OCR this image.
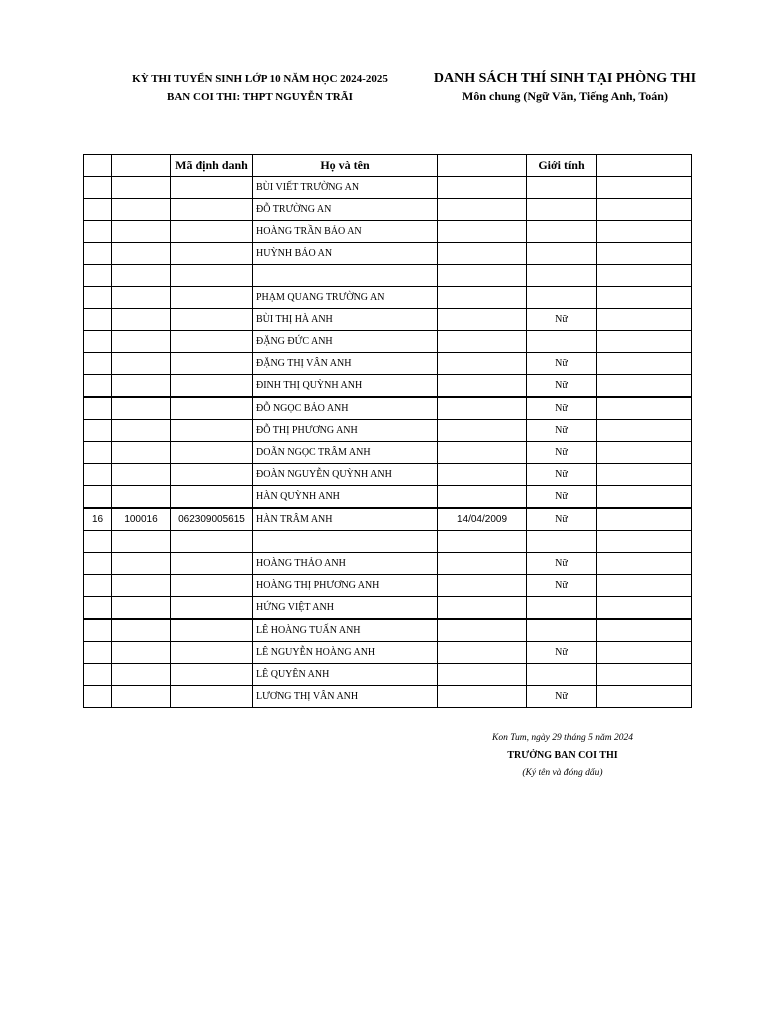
KỲ THI TUYỂN SINH LỚP 10 NĂM HỌC 2024-2025
BAN COI THI: THPT NGUYỄN TRÃI
DANH SÁCH THÍ SINH TẠI PHÒNG THI
Môn chung (Ngữ Văn, Tiếng Anh, Toán)
		Mã định danh	Họ và tên		Giới tính	
			BÙI VIẾT TRƯỜNG AN			
			ĐỖ TRƯỜNG AN			
			HOÀNG TRẦN BẢO AN			
			HUỲNH BẢO AN			

			PHẠM QUANG TRƯỜNG AN			
			BÙI THỊ HÀ ANH		Nữ	
			ĐẶNG ĐỨC ANH			
			ĐẶNG THỊ VÂN ANH		Nữ	
			ĐINH THỊ QUỲNH ANH		Nữ	
			ĐỖ NGỌC BẢO ANH		Nữ	
			ĐỖ THỊ PHƯƠNG ANH		Nữ	
			DOÃN NGỌC TRÂM ANH		Nữ	
			ĐOÀN NGUYỄN QUỲNH ANH		Nữ	
			HÀN QUỲNH ANH		Nữ	
16	100016	062309005615	HÀN TRÂM ANH	14/04/2009	Nữ	

			HOÀNG THẢO ANH		Nữ	
			HOÀNG THỊ PHƯƠNG ANH		Nữ	
			HỨNG VIỆT ANH			
			LÊ HOÀNG TUẤN ANH			
			LÊ NGUYỄN HOÀNG ANH		Nữ	
			LÊ QUYÊN ANH			
			LƯƠNG THỊ VÂN ANH		Nữ	
Kon Tum, ngày 29 tháng 5 năm 2024
TRƯỞNG BAN COI THI
(Ký tên và đóng dấu)
